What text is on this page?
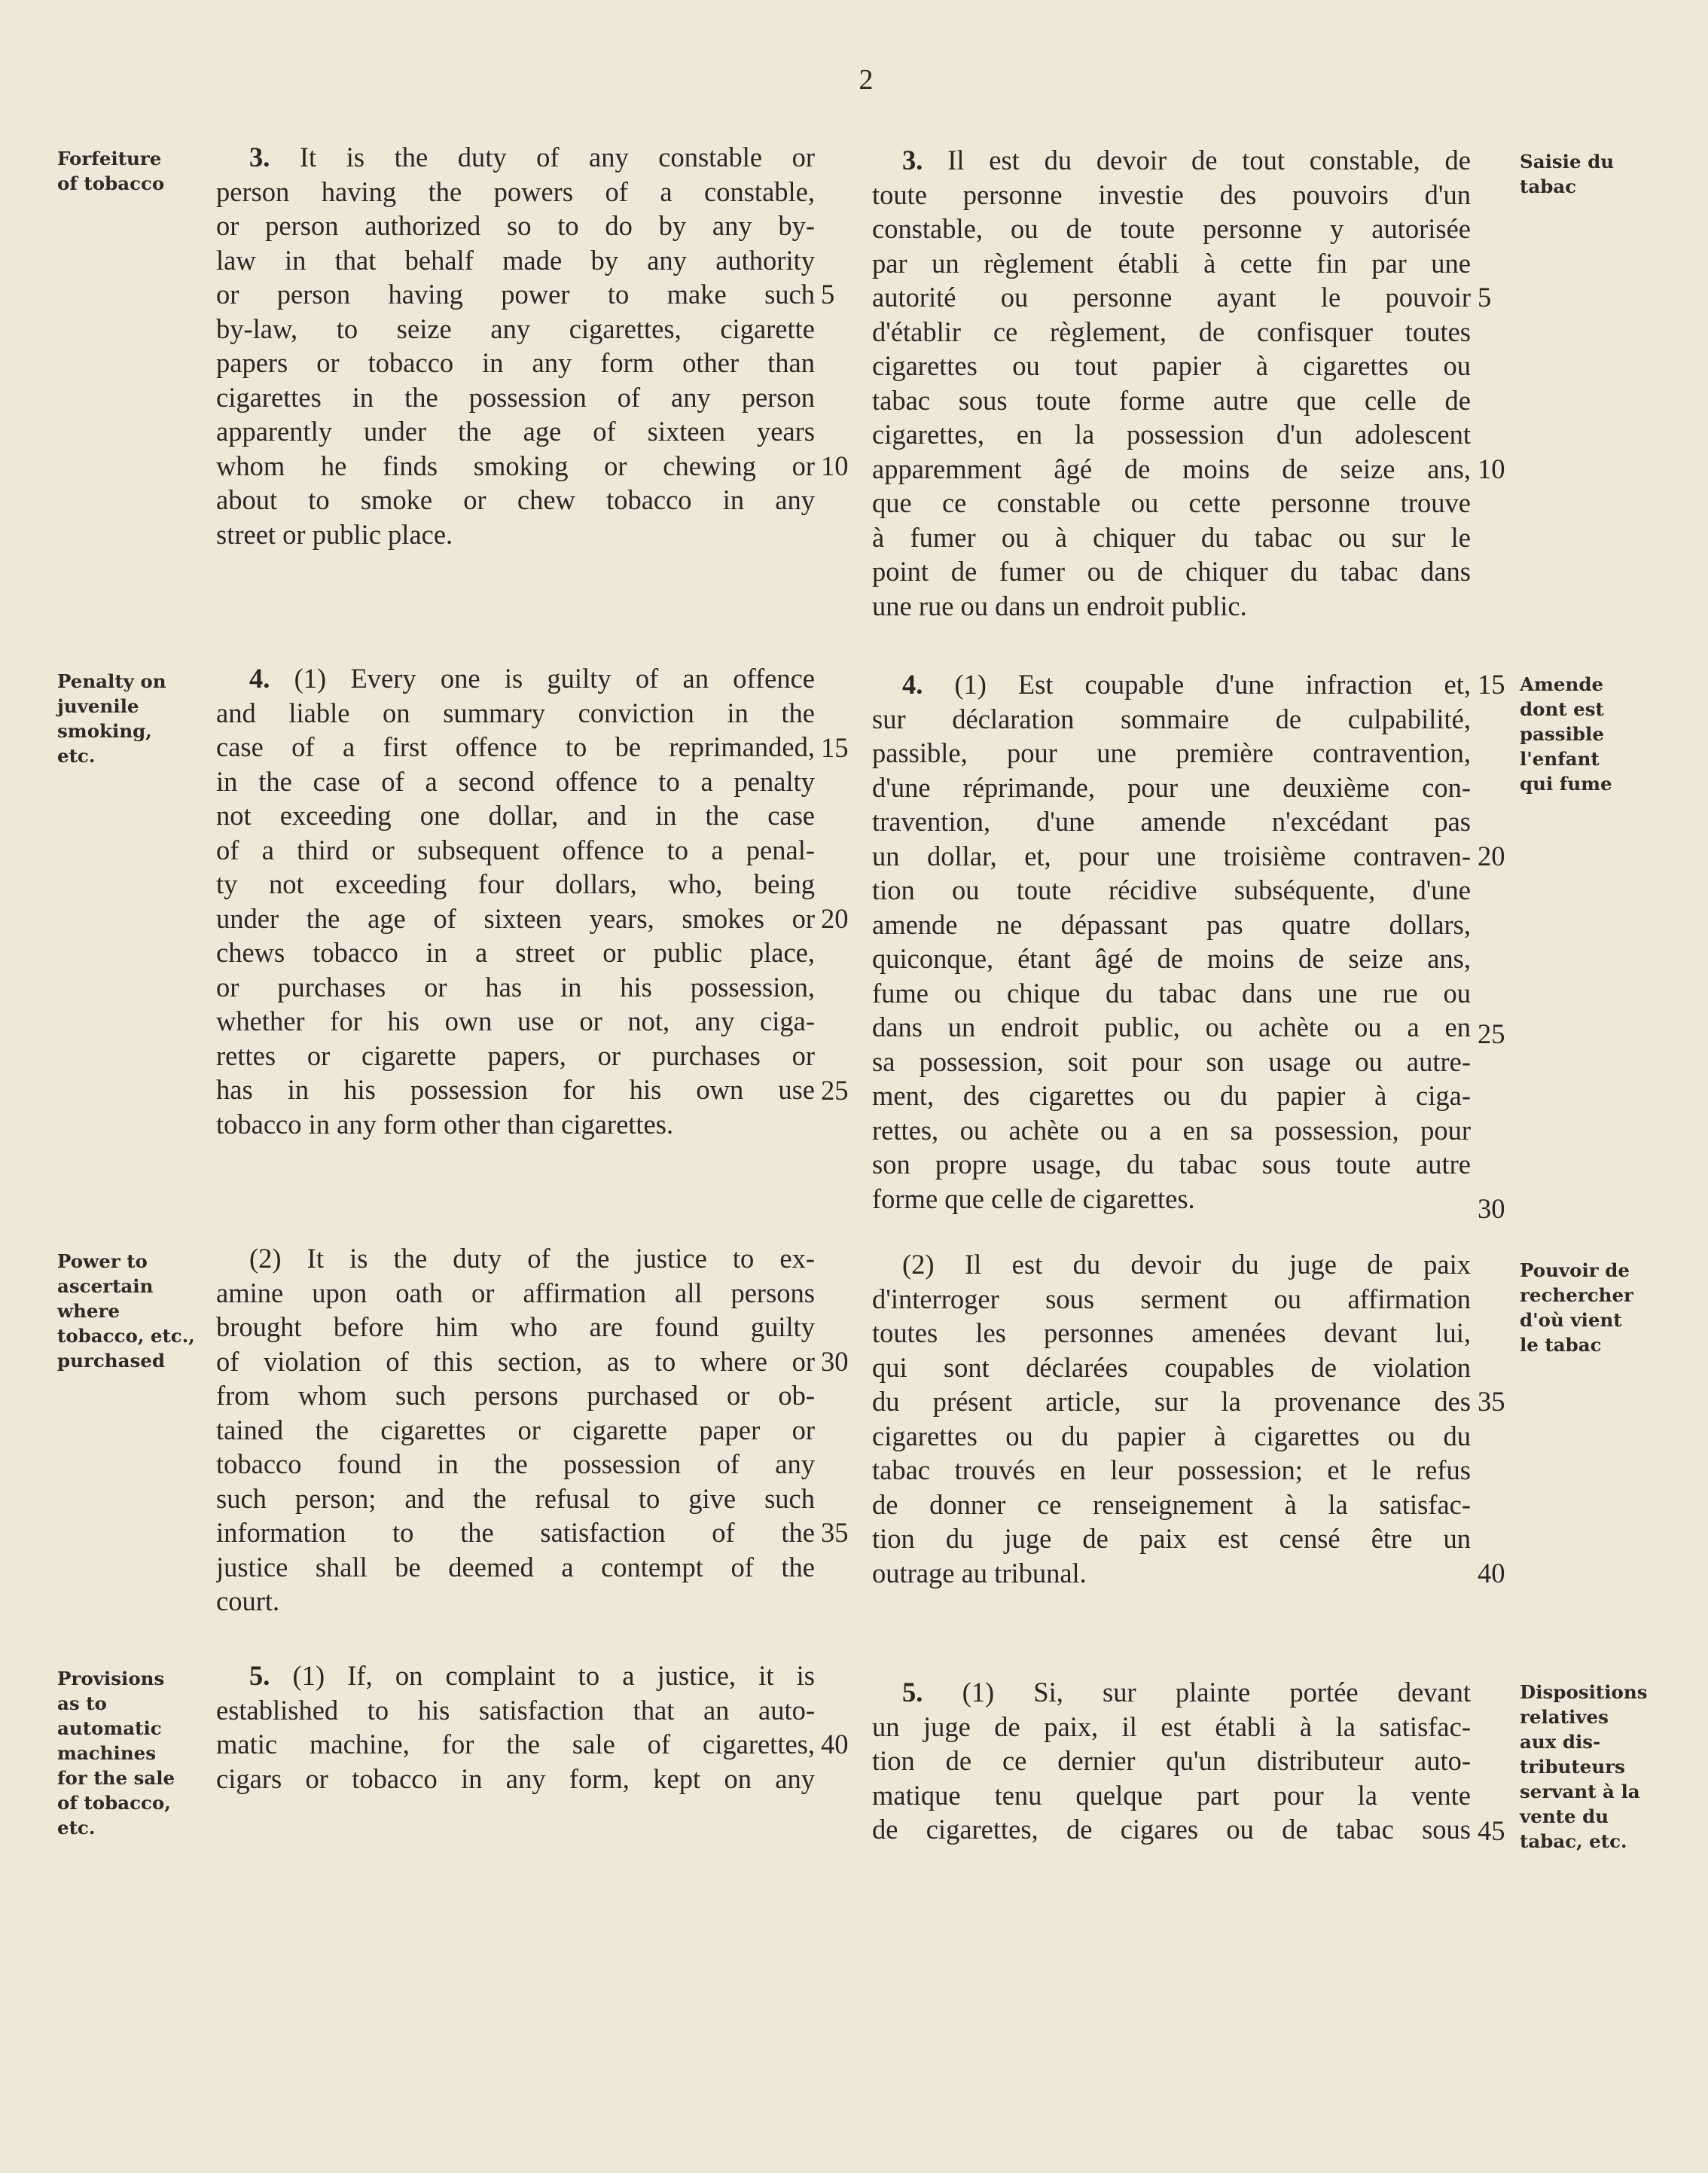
2
Forfeiture
of tobacco
Penalty on
juvenile
smoking,
etc.
Power to
ascertain
where
tobacco, etc.,
purchased
Provisions
as to
automatic
machines
for the sale
of tobacco,
etc.
Saisie du
tabac
Amende
dont est
passible
l'enfant
qui fume
Pouvoir de
rechercher
d'où vient
le tabac
Dispositions
relatives
aux dis-
tributeurs
servant à la
vente du
tabac, etc.
3. It is the duty of any constable or
person having the powers of a constable,
or person authorized so to do by any by-
law in that behalf made by any authority
or person having power to make such
by-law, to seize any cigarettes, cigarette
papers or tobacco in any form other than
cigarettes in the possession of any person
apparently under the age of sixteen years
whom he finds smoking or chewing or
about to smoke or chew tobacco in any
street or public place.
4. (1) Every one is guilty of an offence
and liable on summary conviction in the
case of a first offence to be reprimanded,
in the case of a second offence to a penalty
not exceeding one dollar, and in the case
of a third or subsequent offence to a penal-
ty not exceeding four dollars, who, being
under the age of sixteen years, smokes or
chews tobacco in a street or public place,
or purchases or has in his possession,
whether for his own use or not, any ciga-
rettes or cigarette papers, or purchases or
has in his possession for his own use
tobacco in any form other than cigarettes.
(2) It is the duty of the justice to ex-
amine upon oath or affirmation all persons
brought before him who are found guilty
of violation of this section, as to where or
from whom such persons purchased or ob-
tained the cigarettes or cigarette paper or
tobacco found in the possession of any
such person; and the refusal to give such
information to the satisfaction of the
justice shall be deemed a contempt of the
court.
5. (1) If, on complaint to a justice, it is
established to his satisfaction that an auto-
matic machine, for the sale of cigarettes,
cigars or tobacco in any form, kept on any
3. Il est du devoir de tout constable, de
toute personne investie des pouvoirs d'un
constable, ou de toute personne y autorisée
par un règlement établi à cette fin par une
autorité ou personne ayant le pouvoir
d'établir ce règlement, de confisquer toutes
cigarettes ou tout papier à cigarettes ou
tabac sous toute forme autre que celle de
cigarettes, en la possession d'un adolescent
apparemment âgé de moins de seize ans,
que ce constable ou cette personne trouve
à fumer ou à chiquer du tabac ou sur le
point de fumer ou de chiquer du tabac dans
une rue ou dans un endroit public.
4. (1) Est coupable d'une infraction et,
sur déclaration sommaire de culpabilité,
passible, pour une première contravention,
d'une réprimande, pour une deuxième con-
travention, d'une amende n'excédant pas
un dollar, et, pour une troisième contraven-
tion ou toute récidive subséquente, d'une
amende ne dépassant pas quatre dollars,
quiconque, étant âgé de moins de seize ans,
fume ou chique du tabac dans une rue ou
dans un endroit public, ou achète ou a en
sa possession, soit pour son usage ou autre-
ment, des cigarettes ou du papier à ciga-
rettes, ou achète ou a en sa possession, pour
son propre usage, du tabac sous toute autre
forme que celle de cigarettes.
(2) Il est du devoir du juge de paix
d'interroger sous serment ou affirmation
toutes les personnes amenées devant lui,
qui sont déclarées coupables de violation
du présent article, sur la provenance des
cigarettes ou du papier à cigarettes ou du
tabac trouvés en leur possession; et le refus
de donner ce renseignement à la satisfac-
tion du juge de paix est censé être un
outrage au tribunal.
5. (1) Si, sur plainte portée devant
un juge de paix, il est établi à la satisfac-
tion de ce dernier qu'un distributeur auto-
matique tenu quelque part pour la vente
de cigarettes, de cigares ou de tabac sous
5
10
15
20
25
30
35
40
5
10
15
20
25
30
35
40
45
